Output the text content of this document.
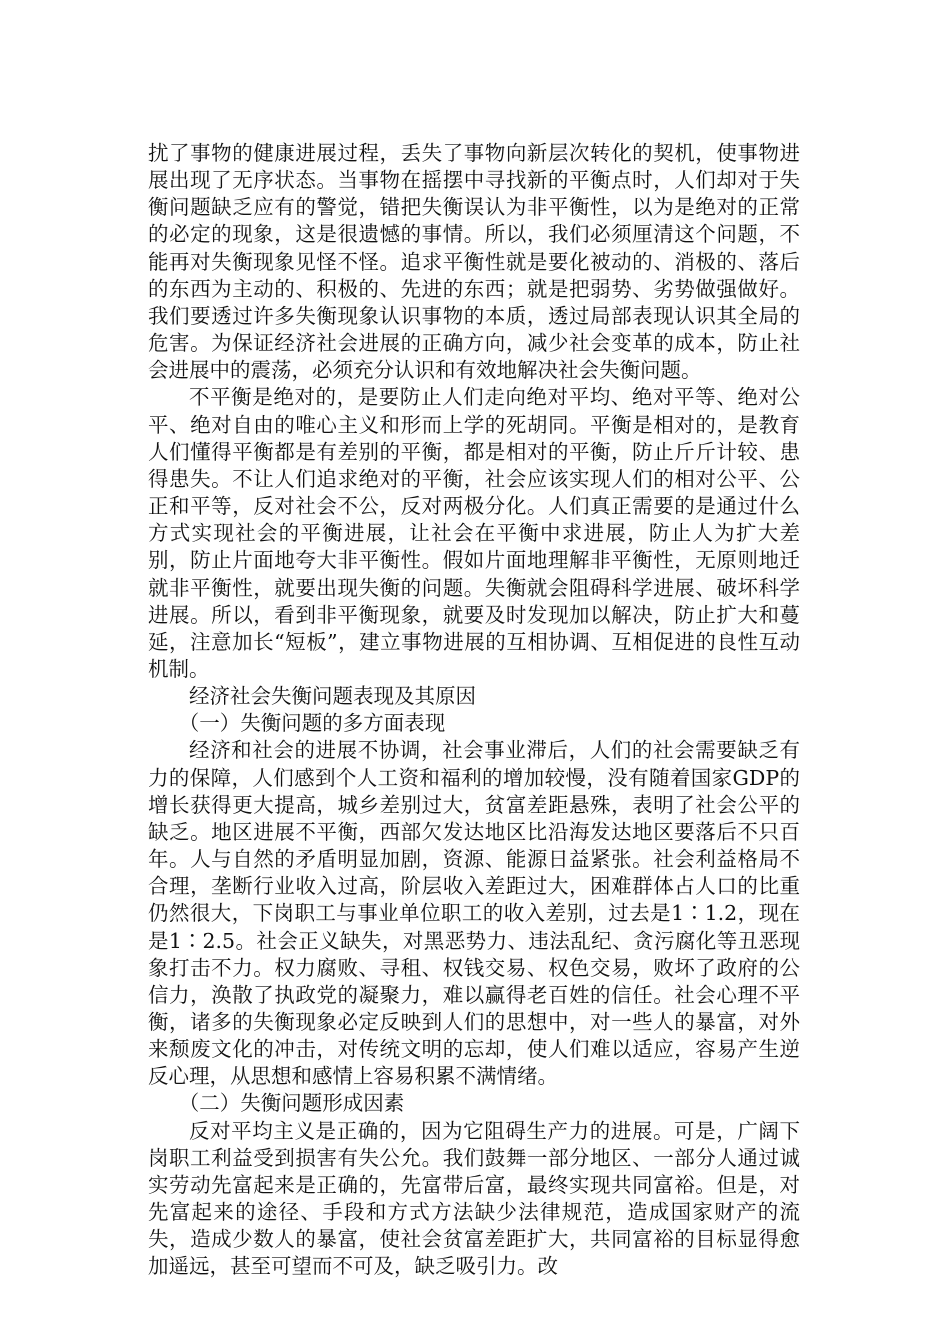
扰了事物的健康进展过程，丢失了事物向新层次转化的契机，使事物进展出现了无序状态。当事物在摇摆中寻找新的平衡点时，人们却对于失衡问题缺乏应有的警觉，错把失衡误认为非平衡性，以为是绝对的正常的必定的现象，这是很遗憾的事情。所以，我们必须厘清这个问题，不能再对失衡现象见怪不怪。追求平衡性就是要化被动的、消极的、落后的东西为主动的、积极的、先进的东西；就是把弱势、劣势做强做好。我们要透过许多失衡现象认识事物的本质，透过局部表现认识其全局的危害。为保证经济社会进展的正确方向，减少社会变革的成本，防止社会进展中的震荡，必须充分认识和有效地解决社会失衡问题。

不平衡是绝对的，是要防止人们走向绝对平均、绝对平等、绝对公平、绝对自由的唯心主义和形而上学的死胡同。平衡是相对的，是教育人们懂得平衡都是有差别的平衡，都是相对的平衡，防止斤斤计较、患得患失。不让人们追求绝对的平衡，社会应该实现人们的相对公平、公正和平等，反对社会不公，反对两极分化。人们真正需要的是通过什么方式实现社会的平衡进展，让社会在平衡中求进展，防止人为扩大差别，防止片面地夸大非平衡性。假如片面地理解非平衡性，无原则地迁就非平衡性，就要出现失衡的问题。失衡就会阻碍科学进展、破坏科学进展。所以，看到非平衡现象，就要及时发现加以解决，防止扩大和蔓延，注意加长“短板”，建立事物进展的互相协调、互相促进的良性互动机制。

经济社会失衡问题表现及其原因

（一）失衡问题的多方面表现

经济和社会的进展不协调，社会事业滞后，人们的社会需要缺乏有力的保障，人们感到个人工资和福利的增加较慢，没有随着国家GDP的增长获得更大提高，城乡差别过大，贫富差距悬殊，表明了社会公平的缺乏。地区进展不平衡，西部欠发达地区比沿海发达地区要落后不只百年。人与自然的矛盾明显加剧，资源、能源日益紧张。社会利益格局不合理，垄断行业收入过高，阶层收入差距过大，困难群体占人口的比重仍然很大，下岗职工与事业单位职工的收入差别，过去是1∶1.2，现在是1∶2.5。社会正义缺失，对黑恶势力、违法乱纪、贪污腐化等丑恶现象打击不力。权力腐败、寻租、权钱交易、权色交易，败坏了政府的公信力，涣散了执政党的凝聚力，难以赢得老百姓的信任。社会心理不平衡，诸多的失衡现象必定反映到人们的思想中，对一些人的暴富，对外来颓废文化的冲击，对传统文明的忘却，使人们难以适应，容易产生逆反心理，从思想和感情上容易积累不满情绪。

（二）失衡问题形成因素

反对平均主义是正确的，因为它阻碍生产力的进展。可是，广阔下岗职工利益受到损害有失公允。我们鼓舞一部分地区、一部分人通过诚实劳动先富起来是正确的，先富带后富，最终实现共同富裕。但是，对先富起来的途径、手段和方式方法缺少法律规范，造成国家财产的流失，造成少数人的暴富，使社会贫富差距扩大，共同富裕的目标显得愈加遥远，甚至可望而不可及，缺乏吸引力。改
